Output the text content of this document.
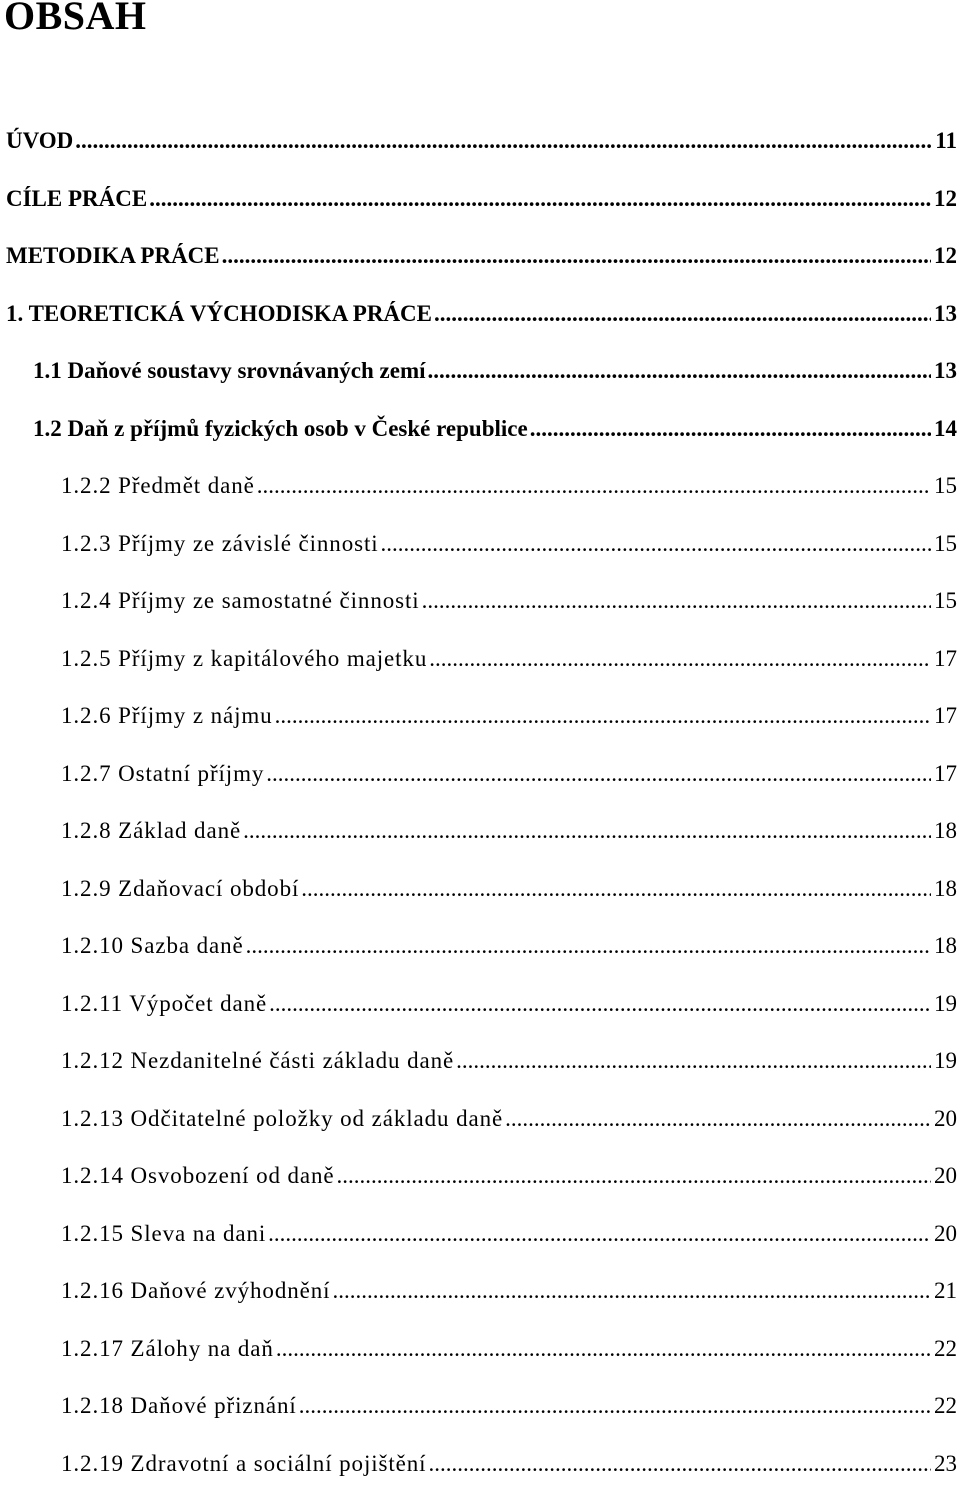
OBSAH
ÚVOD .....	11
CÍLE PRÁCE .....	12
METODIKA PRÁCE .....	12
1. TEORETICKÁ VÝCHODISKA PRÁCE .....	13
1.1 Daňové soustavy srovnávaných zemí .....	13
1.2 Daň z příjmů fyzických osob v České republice .....	14
1.2.2 Předmět daně .....	15
1.2.3 Příjmy ze závislé činnosti .....	15
1.2.4 Příjmy ze samostatné činnosti .....	15
1.2.5 Příjmy z kapitálového majetku .....	17
1.2.6 Příjmy z nájmu .....	17
1.2.7 Ostatní příjmy .....	17
1.2.8 Základ daně .....	18
1.2.9 Zdaňovací období .....	18
1.2.10 Sazba daně .....	18
1.2.11 Výpočet daně .....	19
1.2.12 Nezdanitelné části základu daně .....	19
1.2.13 Odčitatelné položky od základu daně .....	20
1.2.14 Osvobození od daně .....	20
1.2.15 Sleva na dani .....	20
1.2.16 Daňové zvýhodnění .....	21
1.2.17 Zálohy na daň .....	22
1.2.18 Daňové přiznání .....	22
1.2.19 Zdravotní a sociální pojištění .....	23
